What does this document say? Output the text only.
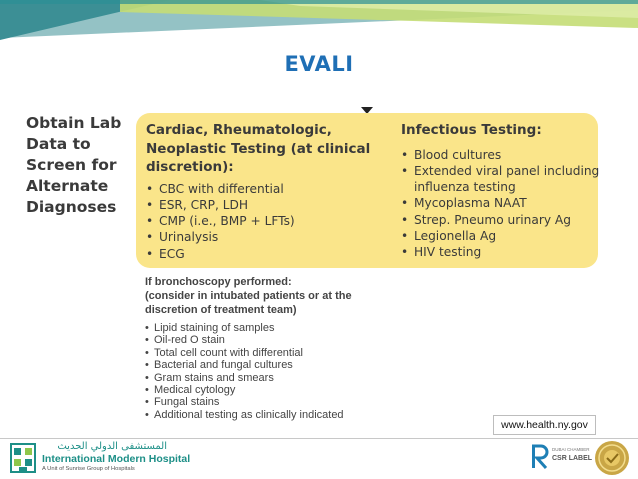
EVALI
Obtain Lab
Data to
Screen for
Alternate
Diagnoses
Cardiac, Rheumatologic,
Neoplastic Testing (at clinical
discretion):
• CBC with differential
• ESR, CRP, LDH
• CMP (i.e., BMP + LFTs)
• Urinalysis
• ECG
Infectious Testing:
• Blood cultures
• Extended viral panel including
influenza testing
• Mycoplasma NAAT
• Strep. Pneumo urinary Ag
• Legionella Ag
• HIV testing
If bronchoscopy performed:
(consider in intubated patients or at the
discretion of treatment team)
• Lipid staining of samples
• Oil-red O stain
• Total cell count with differential
• Bacterial and fungal cultures
• Gram stains and smears
• Medical cytology
• Fungal stains
• Additional testing as clinically indicated
www.health.ny.gov
المستشفى الدولي الحديث
International Modern Hospital
A Unit of Sunrise Group of Hospitals
DUBAI CHAMBER
CSR LABEL
